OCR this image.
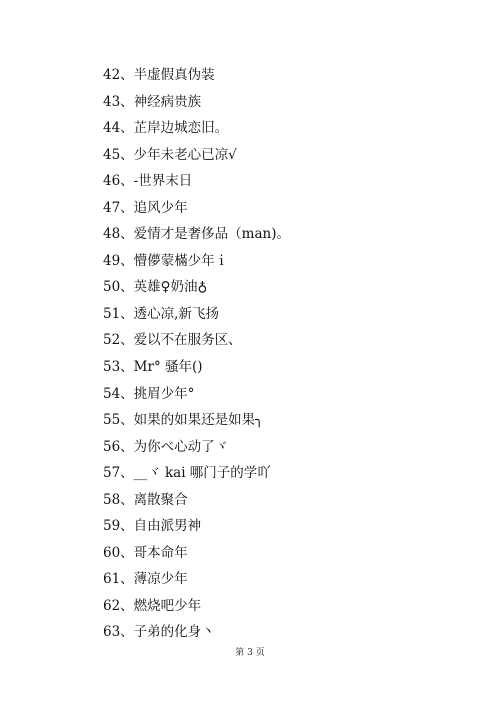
42、半虚假真伪装
43、神经病贵族
44、芷岸边城恋旧。
45、少年未老心已凉√
46、-世界末日
47、追风少年
48、爱情才是奢侈品（man)。
49、懵儚蒙樠少年ｉ
50、英雄♀奶油♁
51、透心凉,新飞扬
52、爱以不在服务区、
53、Mr° 骚年()
54、挑眉少年°
55、如果的如果还是如果╮
56、为你べ心动了ヾ
57、__ヾ kai 哪门子的学吖
58、离散聚合
59、自由派男神
60、哥本命年
61、薄凉少年
62、燃烧吧少年
63、子弟的化身丶
第 3 页
